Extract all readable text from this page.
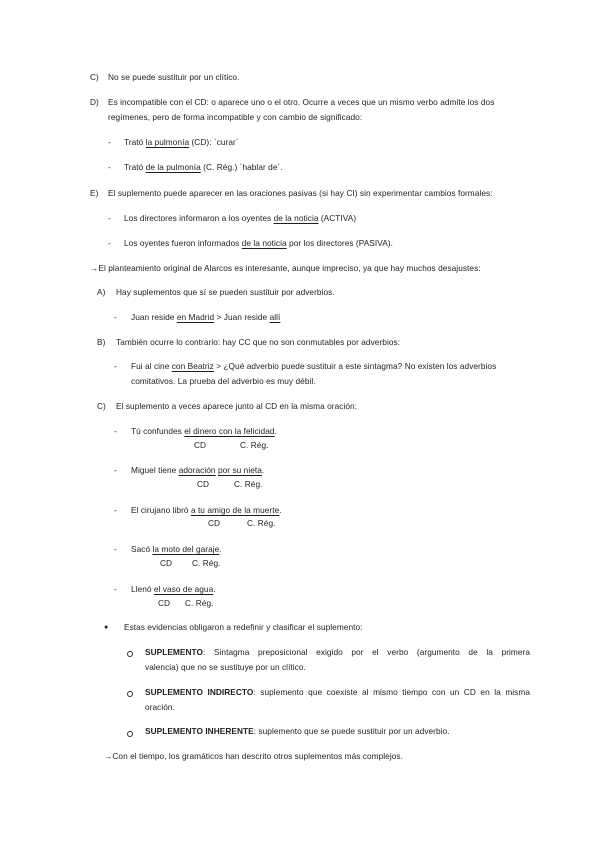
C) No se puede sustituir por un clítico.
D) Es incompatible con el CD: o aparece uno o el otro. Ocurre a veces que un mismo verbo admite los dos
regímenes, pero de forma incompatible y con cambio de significado:
- Trató la pulmonía (CD): `curar´
- Trató de la pulmonía (C. Rég.) `hablar de´.
E) El suplemento puede aparecer en las oraciones pasivas (si hay CI) sin experimentar cambios formales:
- Los directores informaron a los oyentes de la noticia (ACTIVA)
- Los oyentes fueron informados de la noticia por los directores (PASIVA).
→El planteamiento original de Alarcos es interesante, aunque impreciso, ya que hay muchos desajustes:
A) Hay suplementos que sí se pueden sustituir por adverbios.
- Juan reside en Madrid > Juan reside allí
B) También ocurre lo contrario: hay CC que no son conmutables por adverbios:
- Fui al cine con Beatriz > ¿Qué adverbio puede sustituir a este sintagma? No existen los adverbios
comitativos. La prueba del adverbio es muy débil.
C) El suplemento a veces aparece junto al CD en la misma oración:
- Tú confundes el dinero con la felicidad.
CD	C. Rég.
- Miguel tiene adoración por su nieta.
CD	C. Rég.
- El cirujano libró a tu amigo de la muerte.
CD	C. Rég.
- Sacó la moto del garaje.
CD C. Rég.
- Llenó el vaso de agua.
CD C. Rég.
● Estas evidencias obligaron a redefinir y clasificar el suplemento:
SUPLEMENTO: Sintagma preposicional exigido por el verbo (argumento de la primera
valencia) que no se sustituye por un clítico.
SUPLEMENTO INDIRECTO: suplemento que coexiste al mismo tiempo con un CD en la misma
oración.
SUPLEMENTO INHERENTE: suplemento que se puede sustituir por un adverbio.
→Con el tiempo, los gramáticos han descrito otros suplementos más complejos.
